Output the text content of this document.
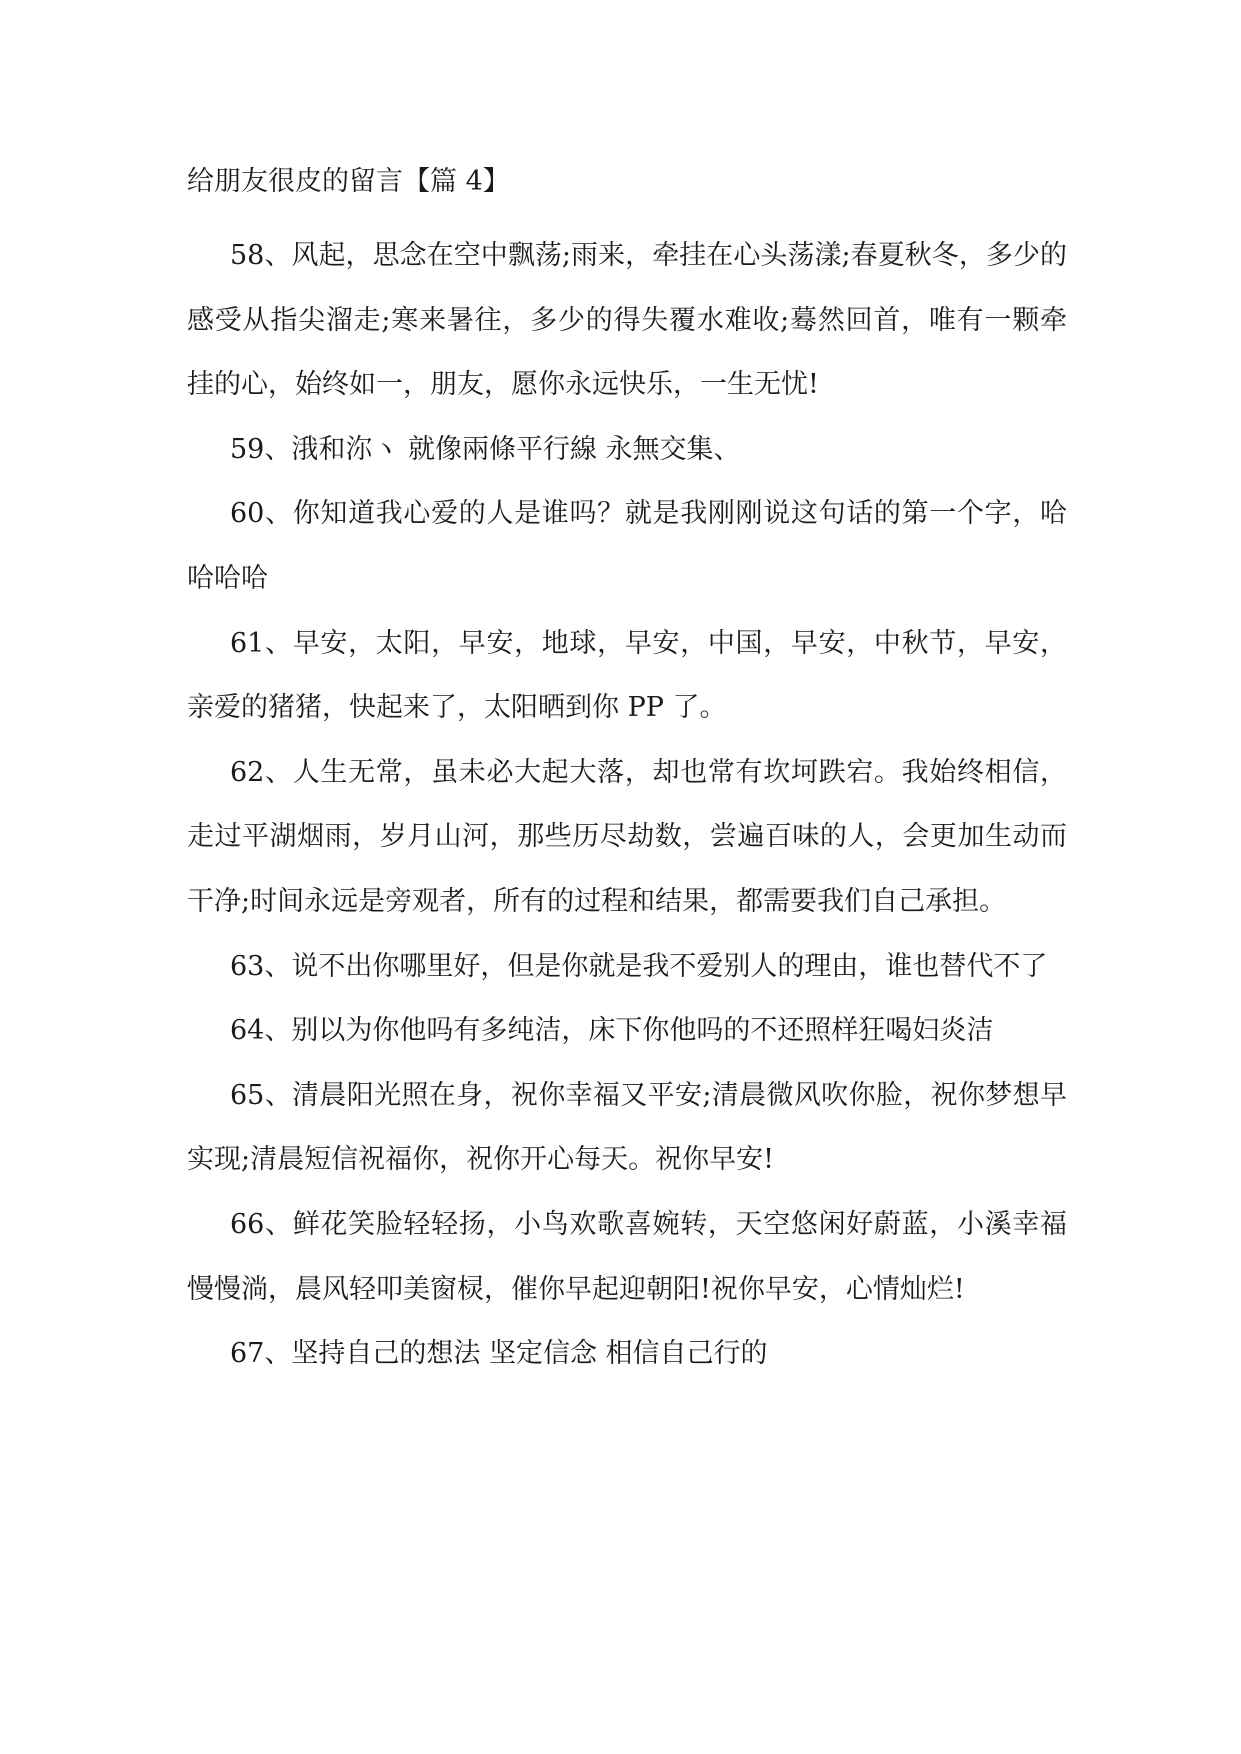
给朋友很皮的留言【篇 4】

58、风起，思念在空中飘荡;雨来，牵挂在心头荡漾;春夏秋冬，多少的感受从指尖溜走;寒来暑往，多少的得失覆水难收;蓦然回首，唯有一颗牵挂的心，始终如一，朋友，愿你永远快乐，一生无忧!

59、涐和沵ヽ 就像兩條平行線 永無交集、

60、你知道我心爱的人是谁吗？就是我刚刚说这句话的第一个字，哈哈哈哈

61、早安，太阳，早安，地球，早安，中国，早安，中秋节，早安，亲爱的猪猪，快起来了，太阳晒到你 PP 了。

62、人生无常，虽未必大起大落，却也常有坎坷跌宕。我始终相信，走过平湖烟雨，岁月山河，那些历尽劫数，尝遍百味的人，会更加生动而干净;时间永远是旁观者，所有的过程和结果，都需要我们自己承担。

63、说不出你哪里好，但是你就是我不爱别人的理由，谁也替代不了

64、别以为你他吗有多纯洁，床下你他吗的不还照样狂喝妇炎洁

65、清晨阳光照在身，祝你幸福又平安;清晨微风吹你脸，祝你梦想早实现;清晨短信祝福你，祝你开心每天。祝你早安!

66、鲜花笑脸轻轻扬，小鸟欢歌喜婉转，天空悠闲好蔚蓝，小溪幸福慢慢淌，晨风轻叩美窗棂，催你早起迎朝阳!祝你早安，心情灿烂!

67、坚持自己的想法 坚定信念 相信自己行的
